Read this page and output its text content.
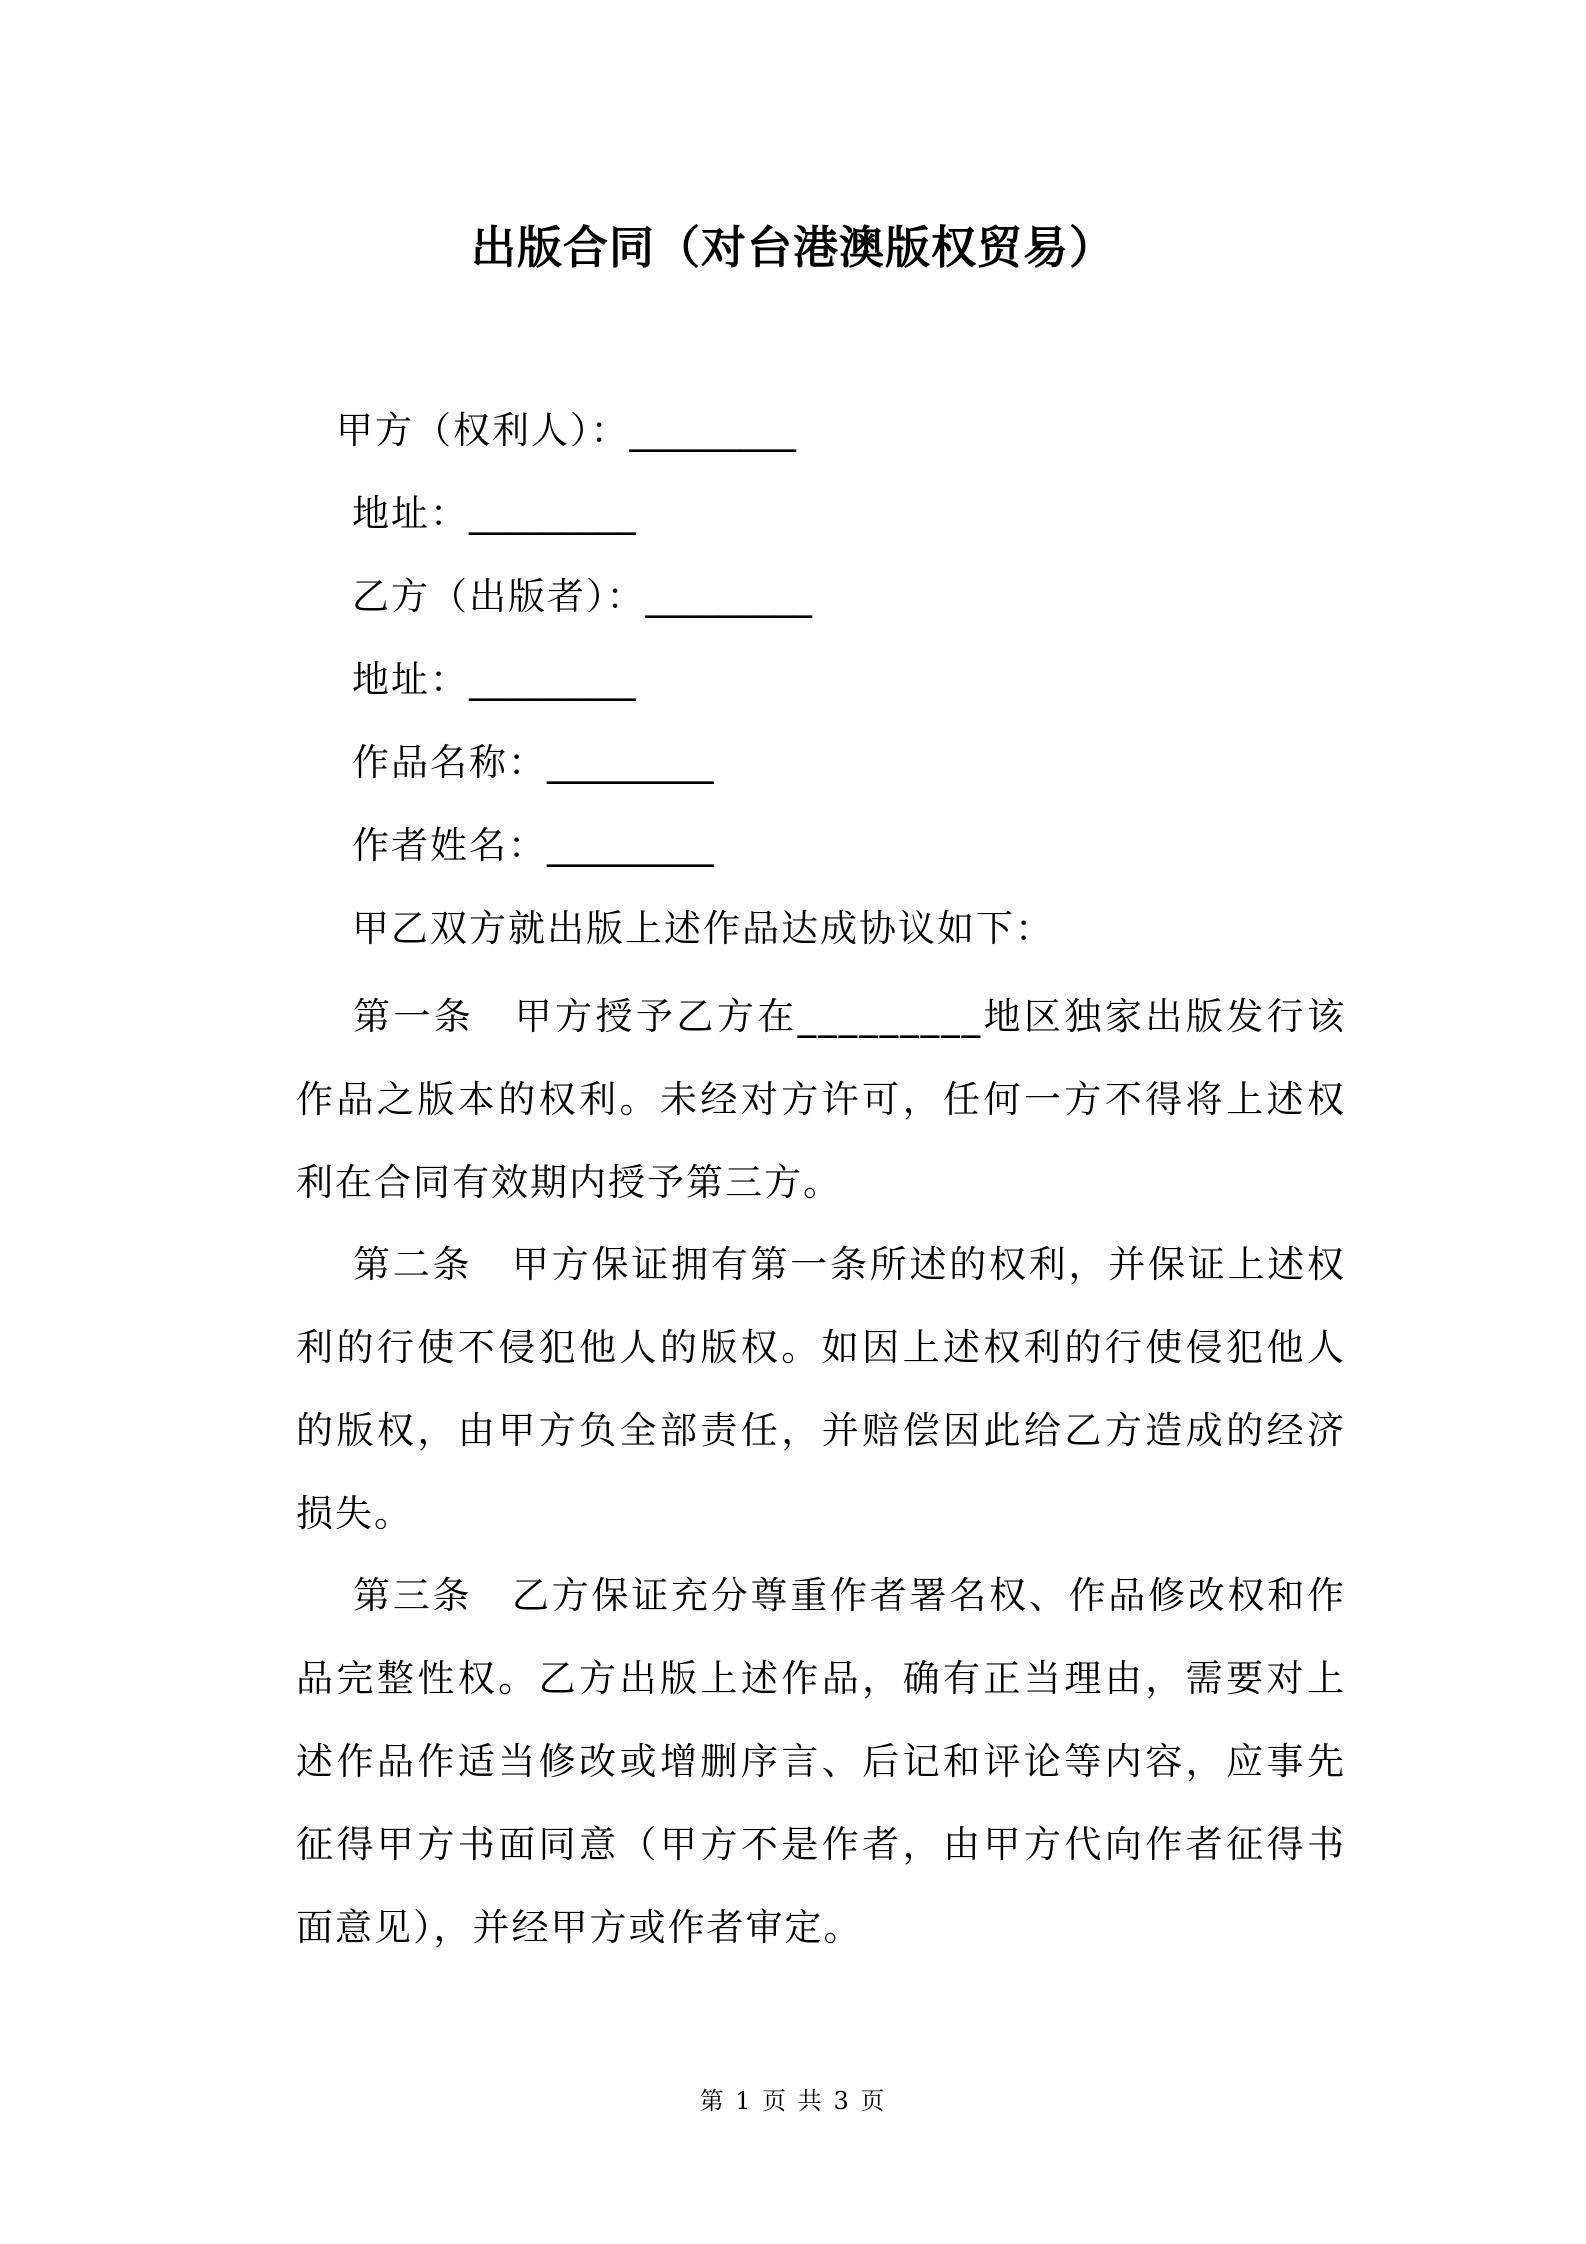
出版合同（对台港澳版权贸易）
甲方（权利人）：_________
地址：_________
乙方（出版者）：_________
地址：_________
作品名称：_________
作者姓名：_________
甲乙双方就出版上述作品达成协议如下：

第一条　甲方授予乙方在_________地区独家出版发行该作品之版本的权利。未经对方许可，任何一方不得将上述权利在合同有效期内授予第三方。

第二条　甲方保证拥有第一条所述的权利，并保证上述权利的行使不侵犯他人的版权。如因上述权利的行使侵犯他人的版权，由甲方负全部责任，并赔偿因此给乙方造成的经济损失。

第三条　乙方保证充分尊重作者署名权、作品修改权和作品完整性权。乙方出版上述作品，确有正当理由，需要对上述作品作适当修改或增删序言、后记和评论等内容，应事先征得甲方书面同意（甲方不是作者，由甲方代向作者征得书面意见），并经甲方或作者审定。

第 1 页 共 3 页
